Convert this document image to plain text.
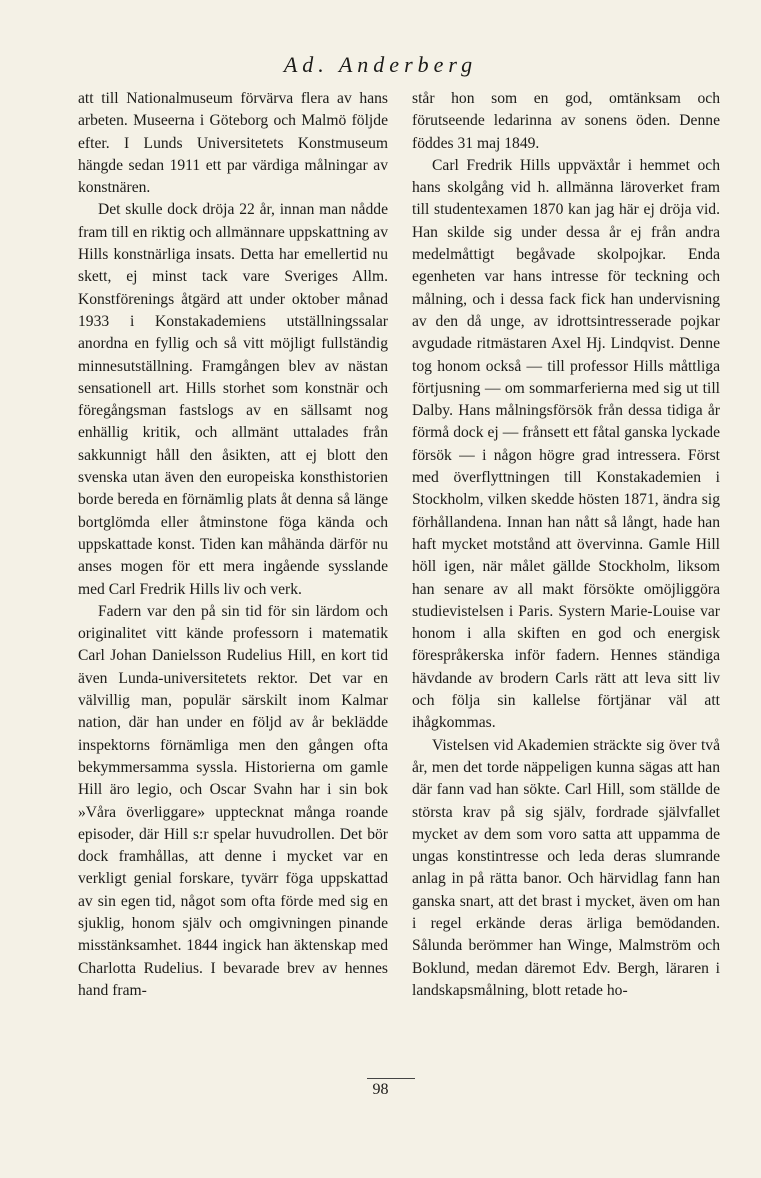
Ad. Anderberg

att till Nationalmuseum förvärva flera av hans arbeten. Museerna i Göteborg och Malmö följde efter. I Lunds Universitetets Konstmuseum hängde sedan 1911 ett par värdiga målningar av konstnären.

Det skulle dock dröja 22 år, innan man nådde fram till en riktig och allmännare uppskattning av Hills konstnärliga insats. Detta har emellertid nu skett, ej minst tack vare Sveriges Allm. Konstförenings åtgärd att under oktober månad 1933 i Konstakademiens utställningssalar anordna en fyllig och så vitt möjligt fullständig minnesutställning. Framgången blev av nästan sensationell art. Hills storhet som konstnär och föregångsman fastslogs av en sällsamt nog enhällig kritik, och allmänt uttalades från sakkunnigt håll den åsikten, att ej blott den svenska utan även den europeiska konsthistorien borde bereda en förnämlig plats åt denna så länge bortglömda eller åtminstone föga kända och uppskattade konst. Tiden kan måhända därför nu anses mogen för ett mera ingående sysslande med Carl Fredrik Hills liv och verk.

Fadern var den på sin tid för sin lärdom och originalitet vitt kände professorn i matematik Carl Johan Danielsson Rudelius Hill, en kort tid även Lunda-universitetets rektor. Det var en välvillig man, populär särskilt inom Kalmar nation, där han under en följd av år beklädde inspektorns förnämliga men den gången ofta bekymmersamma syssla. Historierna om gamle Hill äro legio, och Oscar Svahn har i sin bok »Våra överliggare» upptecknat många roande episoder, där Hill s:r spelar huvudrollen. Det bör dock framhållas, att denne i mycket var en verkligt genial forskare, tyvärr föga uppskattad av sin egen tid, något som ofta förde med sig en sjuklig, honom själv och omgivningen pinande misstänksamhet. 1844 ingick han äktenskap med Charlotta Rudelius. I bevarade brev av hennes hand fram-

står hon som en god, omtänksam och förutseende ledarinna av sonens öden. Denne föddes 31 maj 1849.

Carl Fredrik Hills uppväxtår i hemmet och hans skolgång vid h. allmänna läroverket fram till studentexamen 1870 kan jag här ej dröja vid. Han skilde sig under dessa år ej från andra medelmåttigt begåvade skolpojkar. Enda egenheten var hans intresse för teckning och målning, och i dessa fack fick han undervisning av den då unge, av idrottsintresserade pojkar avgudade ritmästaren Axel Hj. Lindqvist. Denne tog honom också — till professor Hills måttliga förtjusning — om sommarferierna med sig ut till Dalby. Hans målningsförsök från dessa tidiga år förmå dock ej — frånsett ett fåtal ganska lyckade försök — i någon högre grad intressera. Först med överflyttningen till Konstakademien i Stockholm, vilken skedde hösten 1871, ändra sig förhållandena. Innan han nått så långt, hade han haft mycket motstånd att övervinna. Gamle Hill höll igen, när målet gällde Stockholm, liksom han senare av all makt försökte omöjliggöra studievistelsen i Paris. Systern Marie-Louise var honom i alla skiften en god och energisk förespråkerska inför fadern. Hennes ständiga hävdande av brodern Carls rätt att leva sitt liv och följa sin kallelse förtjänar väl att ihågkommas.

Vistelsen vid Akademien sträckte sig över två år, men det torde näppeligen kunna sägas att han där fann vad han sökte. Carl Hill, som ställde de största krav på sig själv, fordrade självfallet mycket av dem som voro satta att uppamma de ungas konstintresse och leda deras slumrande anlag in på rätta banor. Och härvidlag fann han ganska snart, att det brast i mycket, även om han i regel erkände deras ärliga bemödanden. Sålunda berömmer han Winge, Malmström och Boklund, medan däremot Edv. Bergh, läraren i landskapsmålning, blott retade ho-

98
